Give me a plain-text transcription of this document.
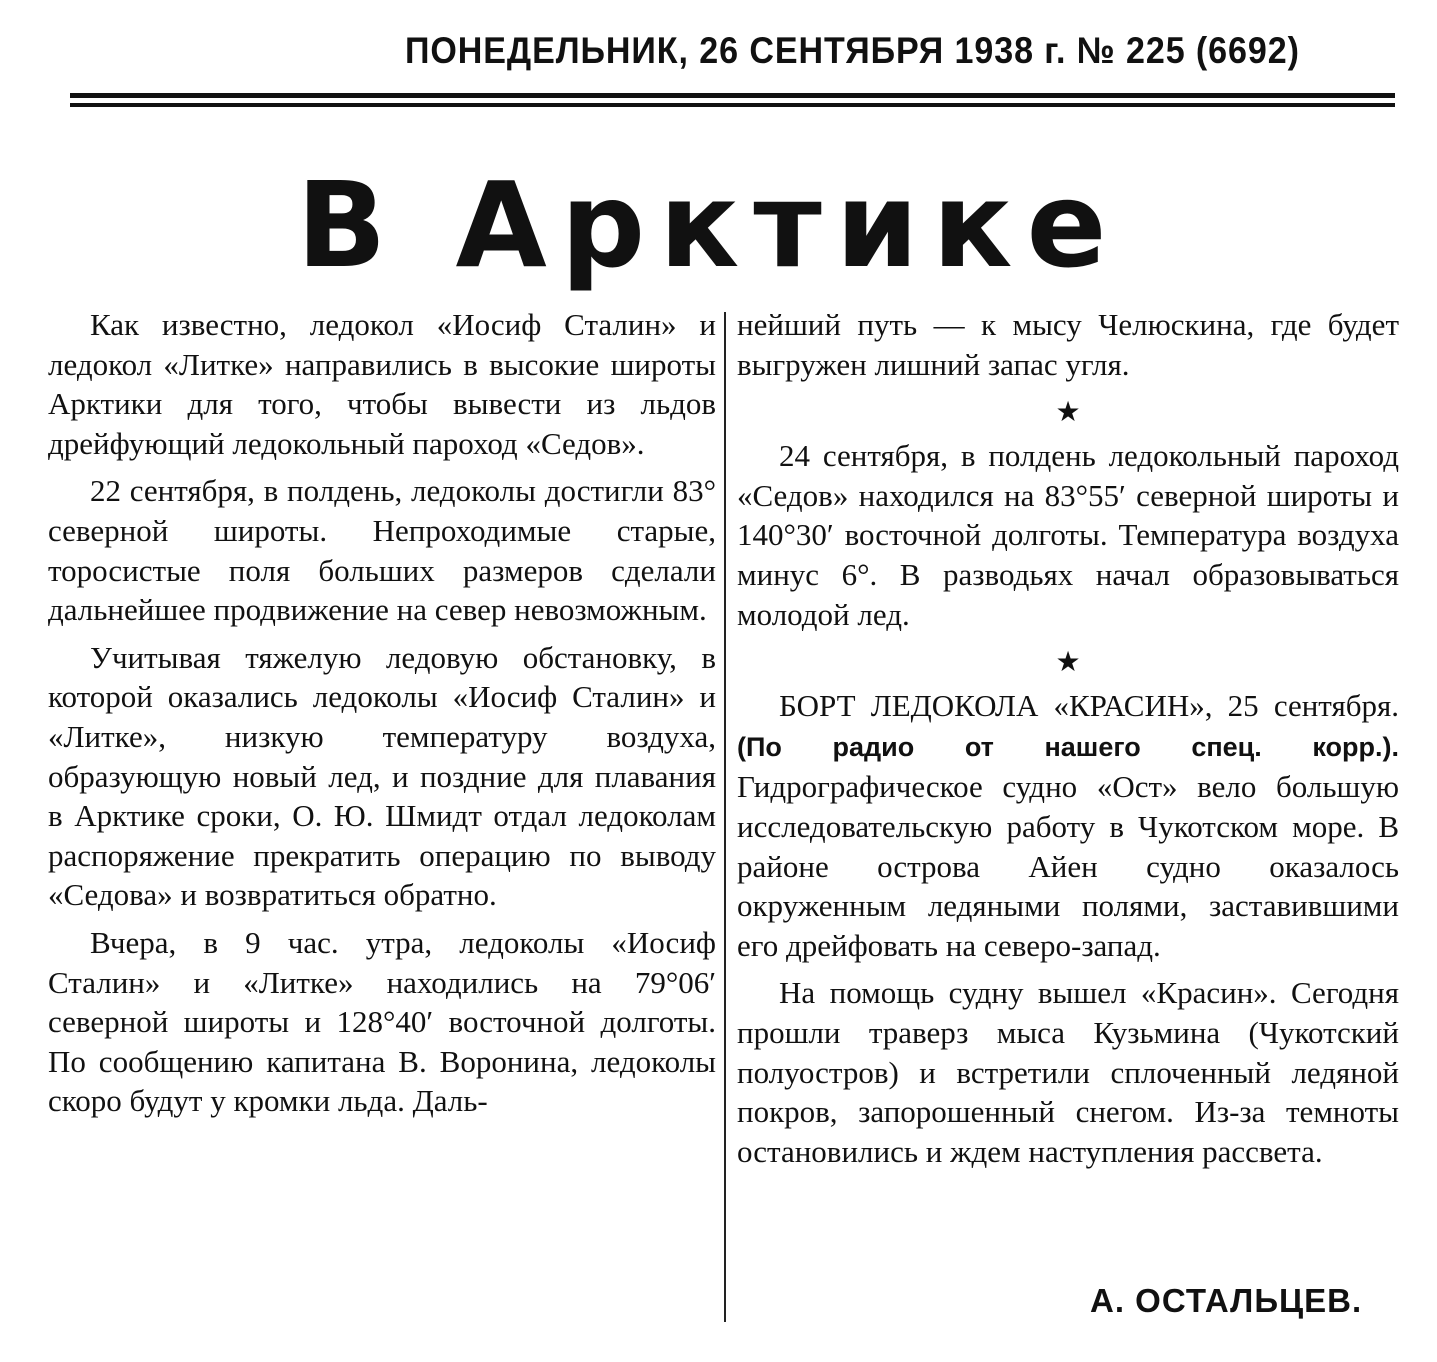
ПОНЕДЕЛЬНИК, 26 СЕНТЯБРЯ 1938 г. № 225 (6692)
В Арктике

Как известно, ледокол «Иосиф Сталин» и ледокол «Литке» направились в высокие широты Арктики для того, чтобы вывести из льдов дрейфующий ледокольный пароход «Седов».

22 сентября, в полдень, ледоколы достигли 83° северной широты. Непроходимые старые, торосистые поля больших размеров сделали дальнейшее продвижение на север невозможным.

Учитывая тяжелую ледовую обстановку, в которой оказались ледоколы «Иосиф Сталин» и «Литке», низкую температуру воздуха, образующую новый лед, и поздние для плавания в Арктике сроки, О. Ю. Шмидт отдал ледоколам распоряжение прекратить операцию по выводу «Седова» и возвратиться обратно.

Вчера, в 9 час. утра, ледоколы «Иосиф Сталин» и «Литке» находились на 79°06′ северной широты и 128°40′ восточной долготы. По сообщению капитана В. Воронина, ледоколы скоро будут у кромки льда. Даль-

нейший путь — к мысу Челюскина, где будет выгружен лишний запас угля.

★

24 сентября, в полдень ледокольный пароход «Седов» находился на 83°55′ северной широты и 140°30′ восточной долготы. Температура воздуха минус 6°. В разводьях начал образовываться молодой лед.

★

БОРТ ЛЕДОКОЛА «КРАСИН», 25 сентября. (По радио от нашего спец. корр.). Гидрографическое судно «Ост» вело большую исследовательскую работу в Чукотском море. В районе острова Айен судно оказалось окруженным ледяными полями, заставившими его дрейфовать на северо-запад.

На помощь судну вышел «Красин». Сегодня прошли траверз мыса Кузьмина (Чукотский полуостров) и встретили сплоченный ледяной покров, запорошенный снегом. Из-за темноты остановились и ждем наступления рассвета.

А. ОСТАЛЬЦЕВ.
